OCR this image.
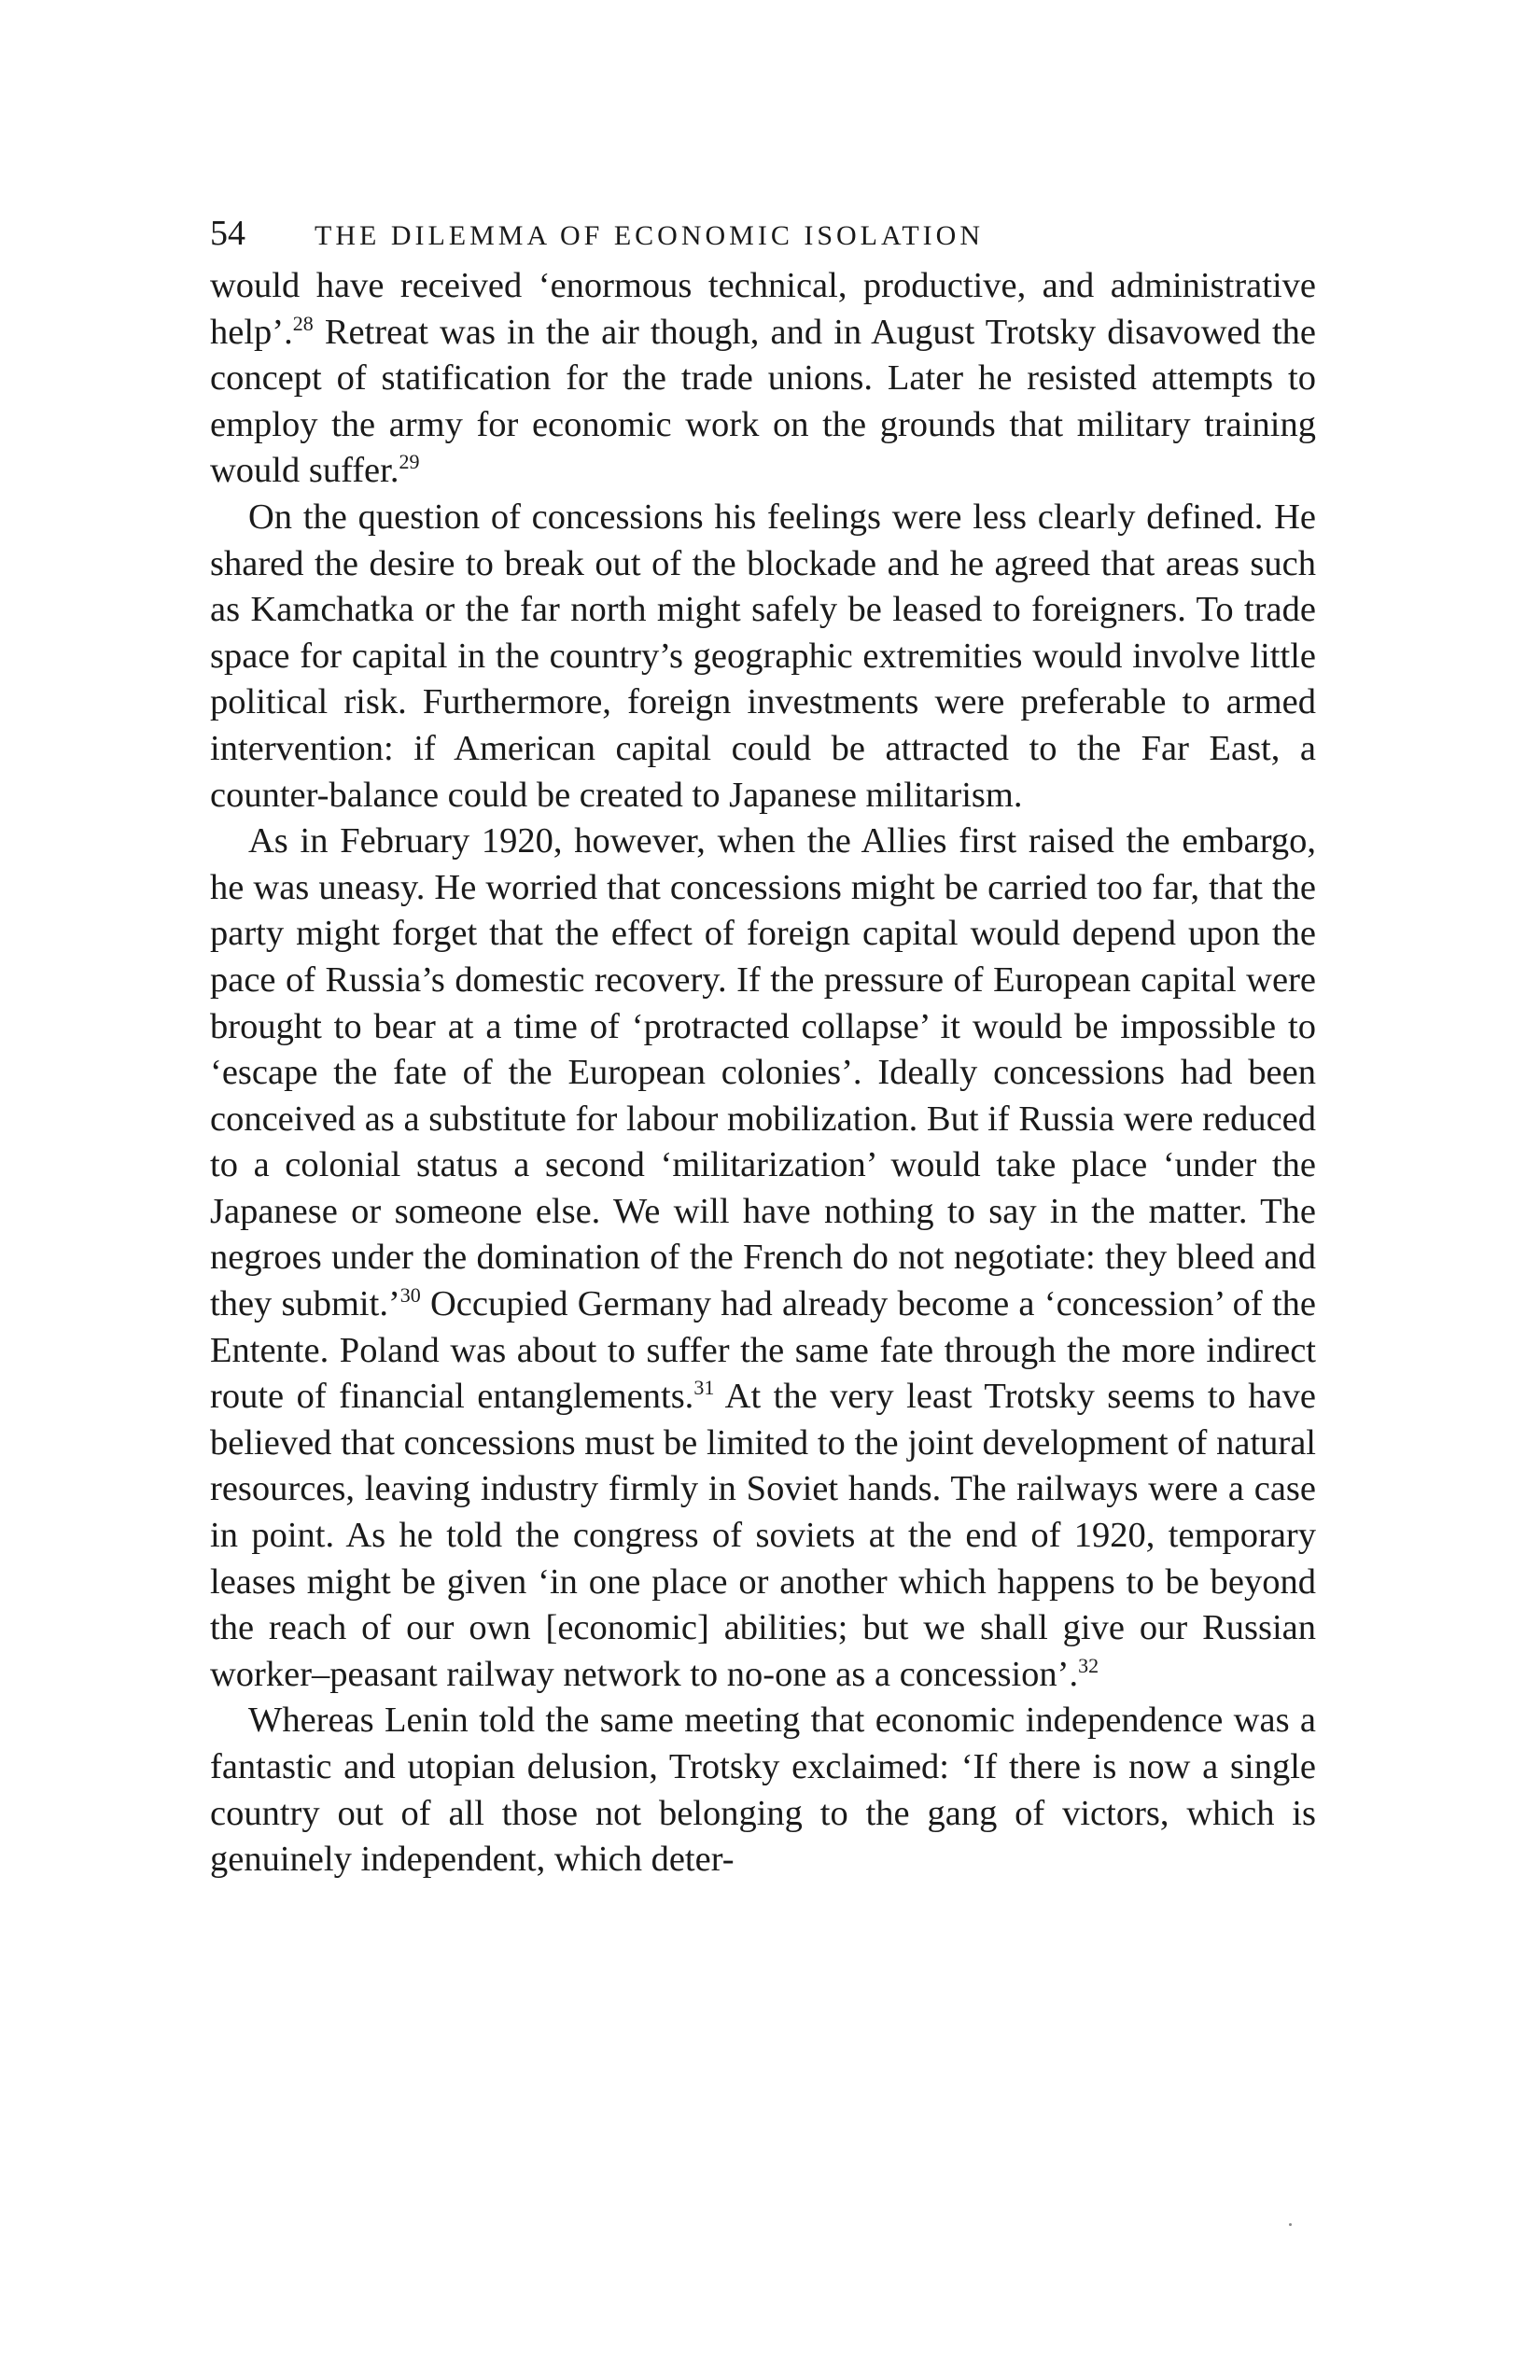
54	THE DILEMMA OF ECONOMIC ISOLATION

would have received ‘enormous technical, productive, and administrative help’.$^{28}$ Retreat was in the air though, and in August Trotsky disavowed the concept of statification for the trade unions. Later he resisted attempts to employ the army for economic work on the grounds that military training would suffer.$^{29}$

On the question of concessions his feelings were less clearly defined. He shared the desire to break out of the blockade and he agreed that areas such as Kamchatka or the far north might safely be leased to foreigners. To trade space for capital in the country’s geographic extremities would involve little political risk. Furthermore, foreign investments were preferable to armed intervention: if American capital could be attracted to the Far East, a counter-balance could be created to Japanese militarism.

As in February 1920, however, when the Allies first raised the embargo, he was uneasy. He worried that concessions might be carried too far, that the party might forget that the effect of foreign capital would depend upon the pace of Russia’s domestic recovery. If the pressure of European capital were brought to bear at a time of ‘protracted collapse’ it would be impossible to ‘escape the fate of the European colonies’. Ideally concessions had been conceived as a substitute for labour mobilization. But if Russia were reduced to a colonial status a second ‘militarization’ would take place ‘under the Japanese or someone else. We will have nothing to say in the matter. The negroes under the domination of the French do not negotiate: they bleed and they submit.’$^{30}$ Occupied Germany had already become a ‘concession’ of the Entente. Poland was about to suffer the same fate through the more indirect route of financial entanglements.$^{31}$ At the very least Trotsky seems to have believed that concessions must be limited to the joint development of natural resources, leaving industry firmly in Soviet hands. The railways were a case in point. As he told the congress of soviets at the end of 1920, temporary leases might be given ‘in one place or another which happens to be beyond the reach of our own [economic] abilities; but we shall give our Russian worker–peasant railway network to no-one as a concession’.$^{32}$

Whereas Lenin told the same meeting that economic independence was a fantastic and utopian delusion, Trotsky exclaimed: ‘If there is now a single country out of all those not belonging to the gang of victors, which is genuinely independent, which deter-
